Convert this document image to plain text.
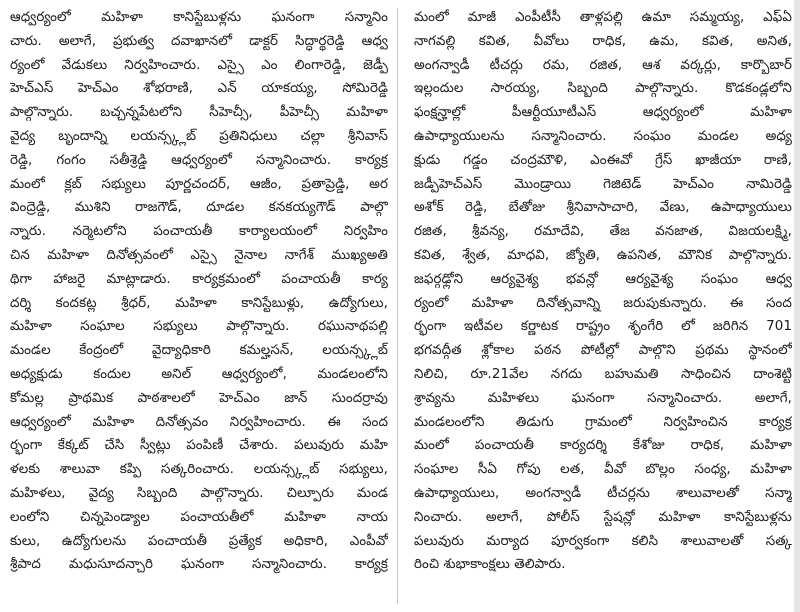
ఆధ్వర్యంలో మహిళా కానిస్టేబుళ్లను ఘనంగా సన్మానిం
చారు. అలాగే, ప్రభుత్వ దవాఖానలో డాక్టర్ సిద్ధార్థరెడ్డి ఆధ్వ
ర్యంలో వేడుకలు నిర్వహించారు. ఎస్సై ఎం లింగారెడ్డి, జెడ్పీ
హెచ్ఎస్ హెచ్ఎం శోభరాణి, ఎన్ యాకయ్య, సోమిరెడ్డి
పాల్గొన్నారు. బచ్చన్నపేటలోని సీహెచ్సీ, పీహెచ్సీ మహిళా
వైద్య బృందాన్ని లయన్స్క్లబ్ ప్రతినిధులు చల్లా శ్రీనివాస్
రెడ్డి, గంగం సతీశ్రెడ్డి ఆధ్వర్యంలో సన్మానించారు. కార్యక్ర
మంలో క్లబ్ సభ్యులు పూర్ణచందర్, ఆజీం, ప్రతాప్రెడ్డి, అర
వింద్రెడ్డి, ముశిని రాజగౌడ్, దూడల కనకయ్యగౌడ్ పాల్గొ
న్నారు. నర్మెటలోని పంచాయతీ కార్యాలయంలో నిర్వహిం
చిన మహిళా దినోత్సవంలో ఎస్సై నైనాల నాగేశ్ ముఖ్యఅతి
థిగా హాజరై మాట్లాడారు. కార్యక్రమంలో పంచాయతీ కార్య
దర్శి కందకట్ల శ్రీధర్, మహిళా కానిస్టేబుళ్లు, ఉద్యోగులు,
మహిళా సంఘాల సభ్యులు పాల్గొన్నారు. రఘునాథపల్లి
మండల కేంద్రంలో వైద్యాధికారి కమల్హసన్, లయన్స్క్లబ్
అధ్యక్షుడు కందుల అనిల్ ఆధ్వర్యంలో, మండలంలోని
కోమల్ల ప్రాథమిక పాఠశాలలో హెచ్ఎం జాన్ సుందర్రావు
ఆధ్వర్యంలో మహిళా దినోత్సవం నిర్వహించారు. ఈ సంద
ర్భంగా కేక్కట్ చేసి స్వీట్లు పంపిణీ చేశారు. పలువురు మహి
ళలకు శాలువా కప్పి సత్కరించారు. లయన్స్క్లబ్ సభ్యులు,
మహిళలు, వైద్య సిబ్బంది పాల్గొన్నారు. చిల్పూరు మండ
లంలోని చిన్నపెండ్యాల పంచాయతీలో మహిళా నాయ
కులు, ఉద్యోగులను పంచాయతీ ప్రత్యేక అధికారి, ఎంపీవో
శ్రీపాద మధుసూదన్చారి ఘనంగా సన్మానించారు. కార్యక్ర
మంలో మాజీ ఎంపీటీసీ తాళ్లపల్లి ఉమా సమ్మయ్య, ఎఫ్ఏ
నాగవల్లి కవిత, వీవోలు రాధిక, ఉమ, కవిత, అనిత,
అంగన్వాడీ టీచర్లు రమ, రజిత, ఆశ వర్కర్లు, కార్బొబార్
ఇల్లందుల సారయ్య, సిబ్బంది పాల్గొన్నారు. కొడకండ్లలోని
ఫంక్షన్హాల్లో పీఆర్టీయూటీఎస్ ఆధ్వర్యంలో మహిళా
ఉపాధ్యాయులను సన్మానించారు. సంఘం మండల అధ్య
క్షుడు గడ్డం చంద్రమౌళి, ఎంఈవో గ్రేస్ ఖాజీయా రాణి,
జడ్పీహెచ్ఎస్ మొండ్రాయి గెజిటెడ్ హెచ్ఎం నామిరెడ్డి
అశోక్ రెడ్డి, బేతోజు శ్రీనివాసాచారి, వేణు, ఉపాధ్యాయులు
రజిత, శ్రీవన్య, రమాదేవి, తేజ వనజాత, విజయలక్ష్మి,
కవిత, శ్వేత, మాధవి, జ్యోతి, ఉపనిత, మౌనిక పాల్గొన్నారు.
జఫర్గఢ్లోని ఆర్యవైశ్య భవన్లో ఆర్యవైశ్య సంఘం ఆధ్వ
ర్యంలో మహిళా దినోత్సవాన్ని జరుపుకున్నారు. ఈ సంద
ర్భంగా ఇటీవల కర్ణాటక రాష్ట్రం శృంగేరి లో జరిగిన 701
భగవద్గీత శ్లోకాల పఠన పోటీల్లో పాల్గొని ప్రథమ స్థానంలో
నిలిచి, రూ.21వేల నగదు బహుమతి సాధించిన దాంశెట్టి
శ్రావ్యను మహిళలు ఘనంగా సన్మానించారు. అలాగే,
మండలంలోని తిడుగు గ్రామంలో నిర్వహించిన కార్యక్ర
మంలో పంచాయతీ కార్యదర్శి కేశోజు రాధిక, మహిళా
సంఘాల సీఏ గోపు లత, వీవో బొల్లం సంధ్య, మహిళా
ఉపాధ్యాయులు, అంగన్వాడీ టీచర్లను శాలువాలతో సన్మా
నించారు. అలాగే, పోలీస్ స్టేషన్లో మహిళా కానిస్టేబుళ్లను
పలువురు మర్యాద పూర్వకంగా కలిసి శాలువాలతో సత్క
రించి శుభాకాంక్షలు తెలిపారు.
